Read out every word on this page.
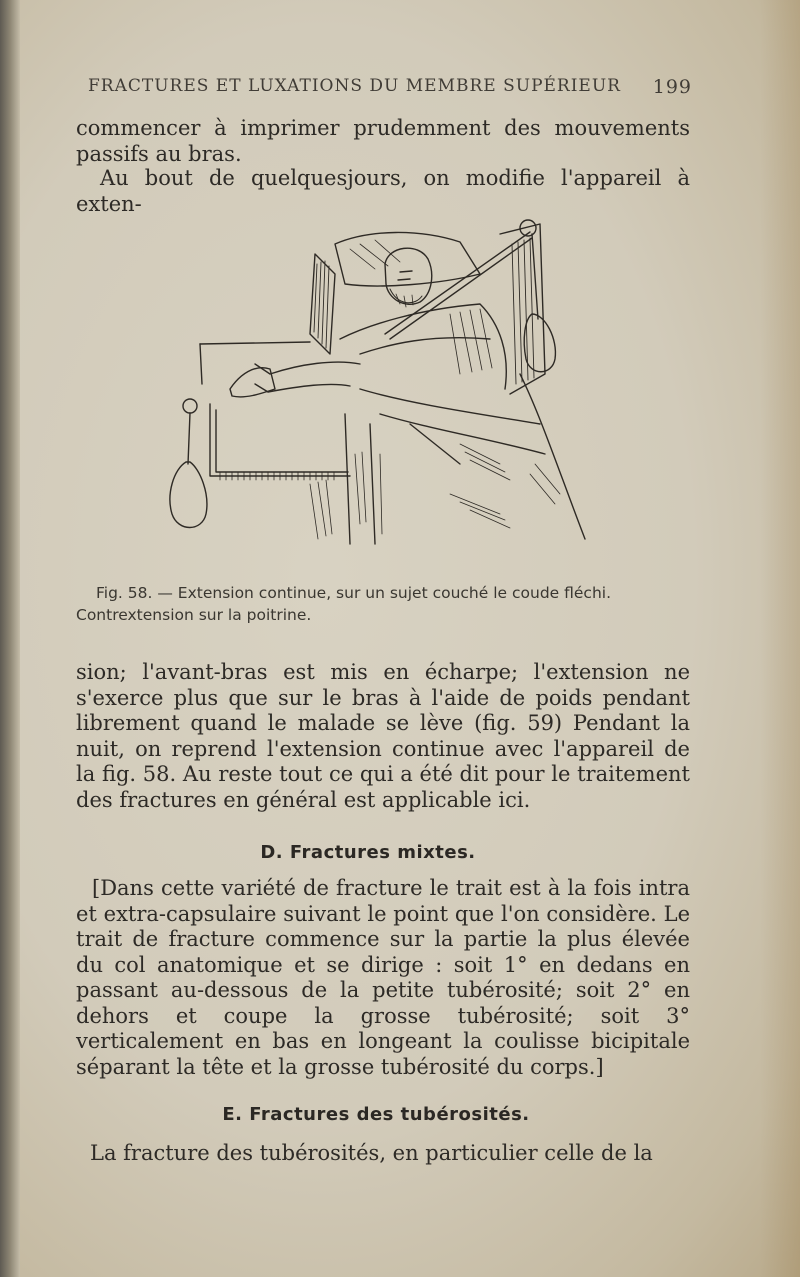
FRACTURES ET LUXATIONS DU MEMBRE SUPÉRIEUR 199
commencer à imprimer prudemment des mouvements passifs au bras.
Au bout de quelquesjours, on modifie l'appareil à exten-
Fig. 58. — Extension continue, sur un sujet couché le coude fléchi.
Contrextension sur la poitrine.
sion; l'avant-bras est mis en écharpe; l'extension ne s'exerce plus que sur le bras à l'aide de poids pendant librement quand le malade se lève (fig. 59) Pendant la nuit, on reprend l'extension continue avec l'appareil de la fig. 58. Au reste tout ce qui a été dit pour le traitement des fractures en général est applicable ici.
D. Fractures mixtes.
[Dans cette variété de fracture le trait est à la fois intra et extra-capsulaire suivant le point que l'on considère. Le trait de fracture commence sur la partie la plus élevée du col anatomique et se dirige : soit 1° en dedans en passant au-dessous de la petite tubérosité; soit 2° en dehors et coupe la grosse tubérosité; soit 3° verticalement en bas en longeant la coulisse bicipitale séparant la tête et la grosse tubérosité du corps.]
E. Fractures des tubérosités.
La fracture des tubérosités, en particulier celle de la
